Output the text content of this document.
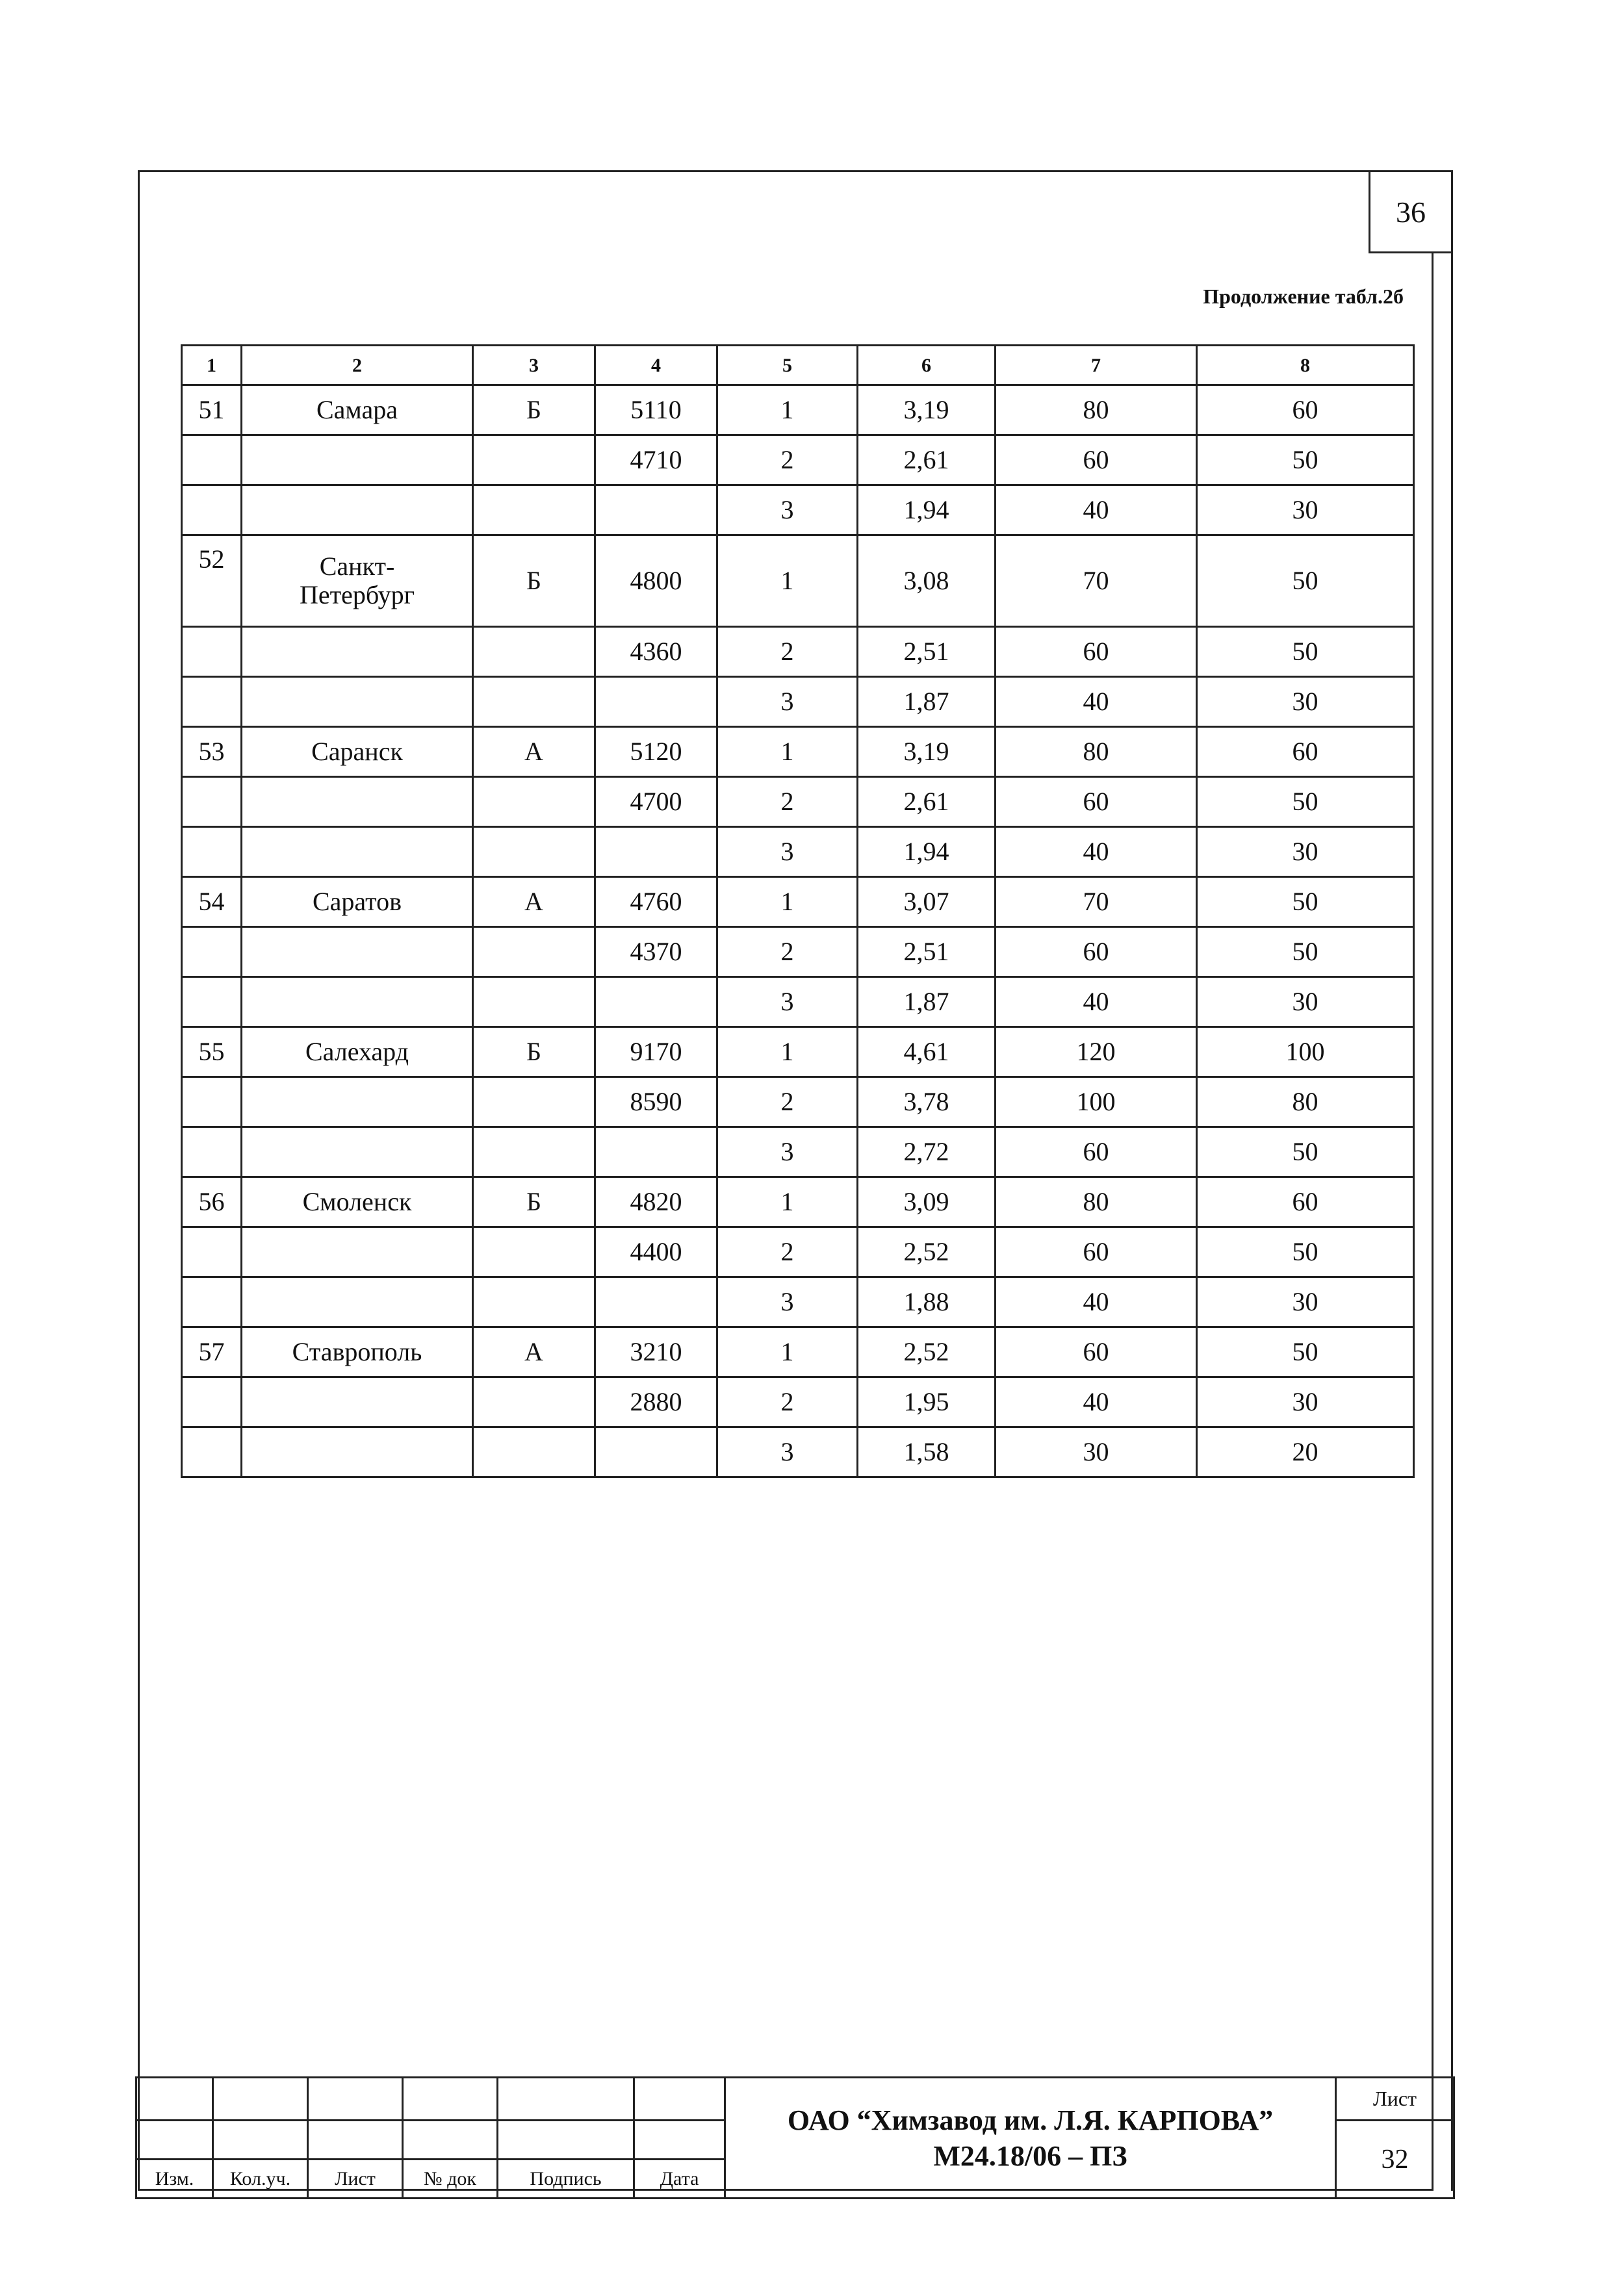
36
Продолжение табл.2б
1	2	3	4	5	6	7	8
51	Самара	Б	5110	1	3,19	80	60
			4710	2	2,61	60	50
				3	1,94	40	30
52	Санкт-Петербург	Б	4800	1	3,08	70	50
			4360	2	2,51	60	50
				3	1,87	40	30
53	Саранск	А	5120	1	3,19	80	60
			4700	2	2,61	60	50
				3	1,94	40	30
54	Саратов	А	4760	1	3,07	70	50
			4370	2	2,51	60	50
				3	1,87	40	30
55	Салехард	Б	9170	1	4,61	120	100
			8590	2	3,78	100	80
				3	2,72	60	50
56	Смоленск	Б	4820	1	3,09	80	60
			4400	2	2,52	60	50
				3	1,88	40	30
57	Ставрополь	А	3210	1	2,52	60	50
			2880	2	1,95	40	30
				3	1,58	30	20

						ОАО “Химзавод им. Л.Я. КАРПОВА”
М24.18/06 – ПЗ	Лист
							32
Изм.	Кол.уч.	Лист	№ док	Подпись	Дата		
